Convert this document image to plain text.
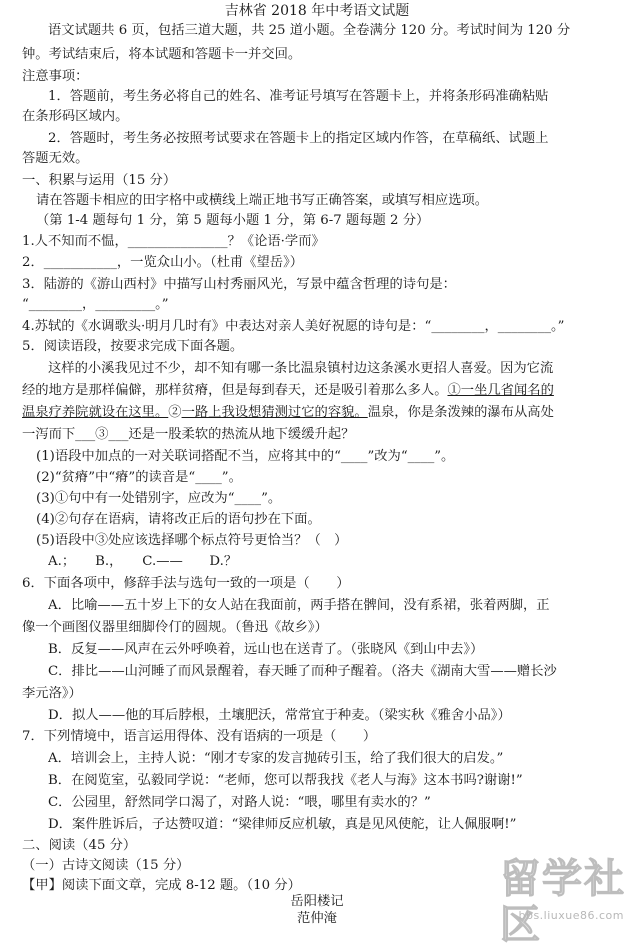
吉林省 2018 年中考语文试题
语文试题共 6 页，包括三道大题，共 25 道小题。全卷满分 120 分。考试时间为 120 分
钟。考试结束后，将本试题和答题卡一并交回。
注意事项：
1．答题前，考生务必将自己的姓名、准考证号填写在答题卡上，并将条形码准确粘贴
在条形码区域内。
2．答题时，考生务必按照考试要求在答题卡上的指定区域内作答，在草稿纸、试题上
答题无效。
一、积累与运用（15 分）
请在答题卡相应的田字格中或横线上端正地书写正确答案，或填写相应选项。
（第 1-4 题每句 1 分，第 5 题每小题 1 分，第 6-7 题每题 2 分）
1.人不知而不愠，_______________？《论语·学而》
2．___________，一览众山小。（杜甫《望岳》）
3．陆游的《游山西村》中描写山村秀丽风光，写景中蕴含哲理的诗句是：
“________，_________。”
4.苏轼的《水调歌头·明月几时有》中表达对亲人美好祝愿的诗句是：“________，________。”
5．阅读语段，按要求完成下面各题。
这样的小溪我见过不少，却不知有哪一条比温泉镇村边这条溪水更招人喜爱。因为它流
经的地方是那样偏僻，那样贫瘠，但是每到春天，还是吸引着那么多人。①一坐几省闻名的
温泉疗养院就设在这里。②一路上我设想猜测过它的容貌。温泉，你是条泼辣的瀑布从高处
一泻而下___③___还是一股柔软的热流从地下缓缓升起？
(1)语段中加点的一对关联词搭配不当，应将其中的“____”改为“____”。
(2)“贫瘠”中“瘠”的读音是“____”。
(3)①句中有一处错别字，应改为“____”。
(4)②句存在语病，请将改正后的语句抄在下面。
(5)语段中③处应该选择哪个标点符号更恰当？（　）
A.；　　B.，　　C.——　　D.？
6．下面各项中，修辞手法与选句一致的一项是（　　）
A．比喻——五十岁上下的女人站在我面前，两手搭在髀间，没有系裙，张着两脚，正
像一个画图仪器里细脚伶仃的圆规。（鲁迅《故乡》）
B．反复——风声在云外呼唤着，远山也在送青了。（张晓风《到山中去》）
C．排比——山河睡了而风景醒着，春天睡了而种子醒着。（洛夫《湖南大雪——赠长沙
李元洛》）
D．拟人——他的耳后脖根，土壤肥沃，常常宜于种麦。（梁实秋《雅舍小品》）
7．下列情境中，语言运用得体、没有语病的一项是（　　）
A．培训会上，主持人说：“刚才专家的发言抛砖引玉，给了我们很大的启发。”
B．在阅览室，弘毅同学说：“老师，您可以帮我找《老人与海》这本书吗?谢谢!”
C．公园里，舒然同学口渴了，对路人说：“喂，哪里有卖水的？”
D．案件胜诉后，子达赞叹道：“梁律师反应机敏，真是见风使舵，让人佩服啊!”
二、阅读（45 分）
（一）古诗文阅读（15 分）
【甲】阅读下面文章，完成 8-12 题。（10 分）
岳阳楼记
范仲淹
留学社区
bbs.liuxue86.com
